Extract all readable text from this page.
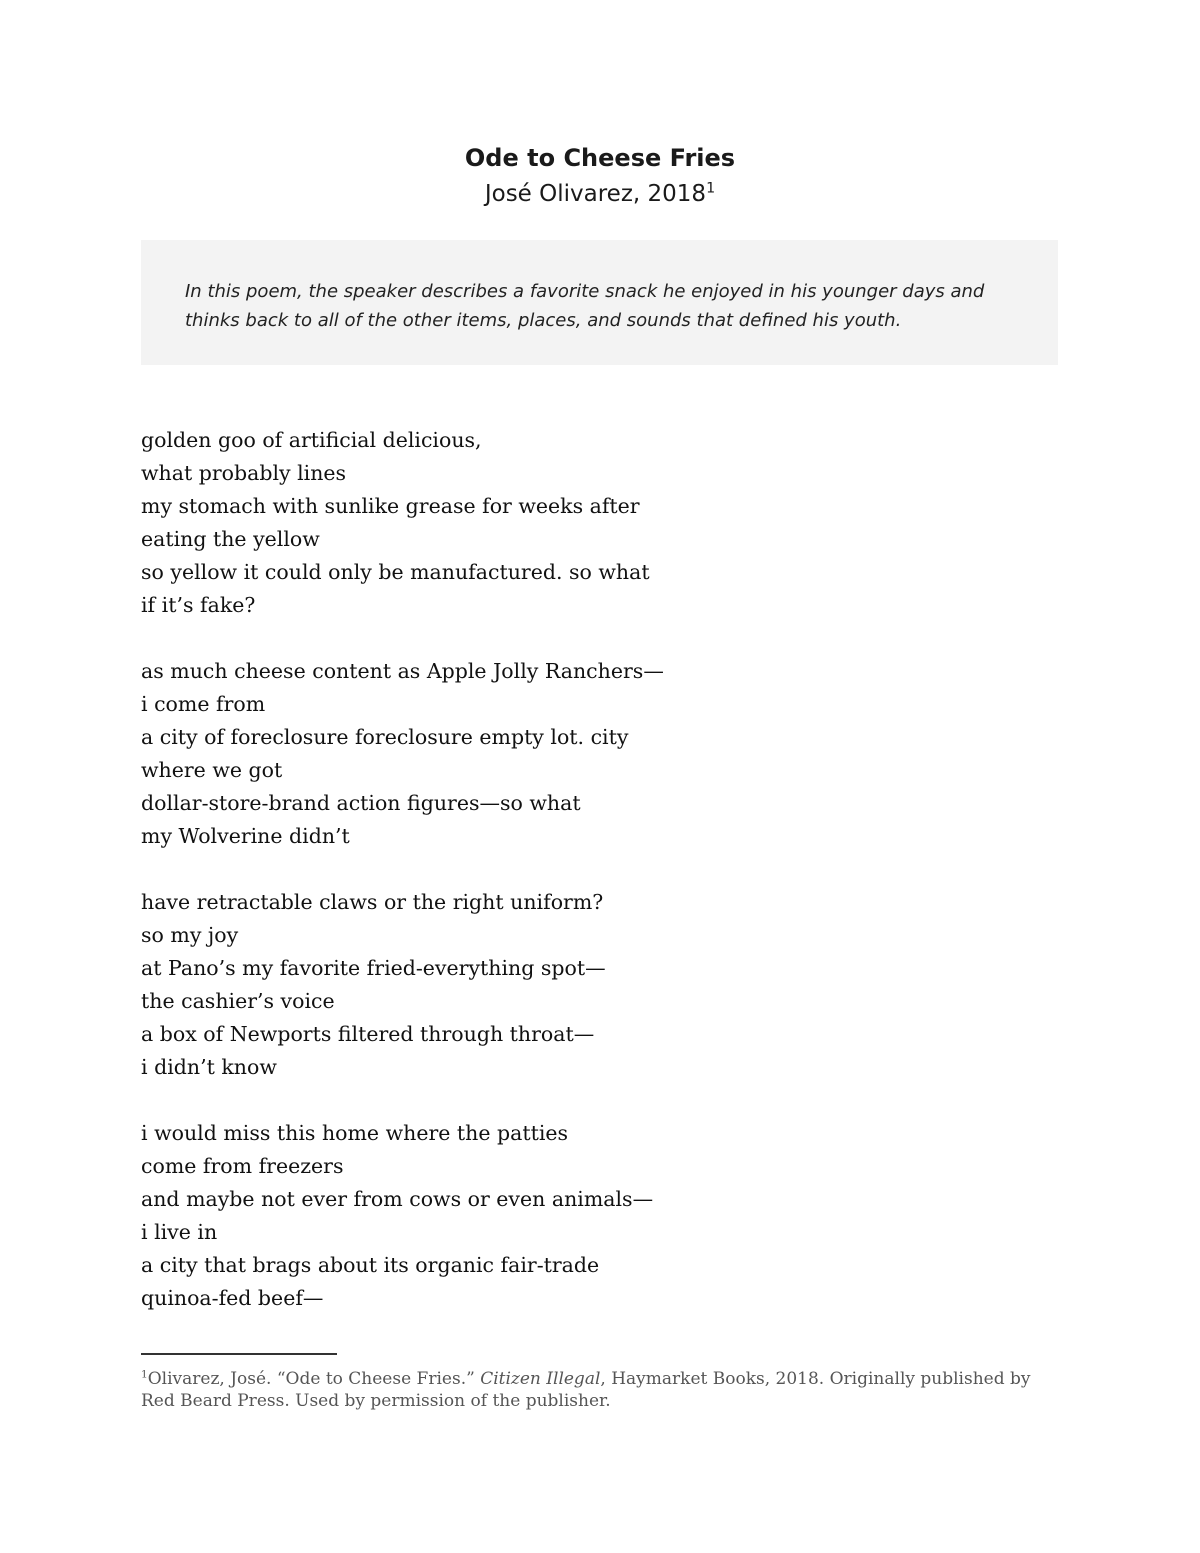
Ode to Cheese Fries
José Olivarez, 2018$^1$

In this poem, the speaker describes a favorite snack he enjoyed in his younger days and thinks back to all of the other items, places, and sounds that defined his youth.

golden goo of artificial delicious,
what probably lines
my stomach with sunlike grease for weeks after
eating the yellow
so yellow it could only be manufactured. so what
if it’s fake?
as much cheese content as Apple Jolly Ranchers—
i come from
a city of foreclosure foreclosure empty lot. city
where we got
dollar-store-brand action figures—so what
my Wolverine didn’t
have retractable claws or the right uniform?
so my joy
at Pano’s my favorite fried-everything spot—
the cashier’s voice
a box of Newports filtered through throat—
i didn’t know
i would miss this home where the patties
come from freezers
and maybe not ever from cows or even animals—
i live in
a city that brags about its organic fair-trade
quinoa-fed beef—
$^1$Olivarez, José. “Ode to Cheese Fries.” Citizen Illegal, Haymarket Books, 2018. Originally published by Red Beard Press. Used by permission of the publisher.
